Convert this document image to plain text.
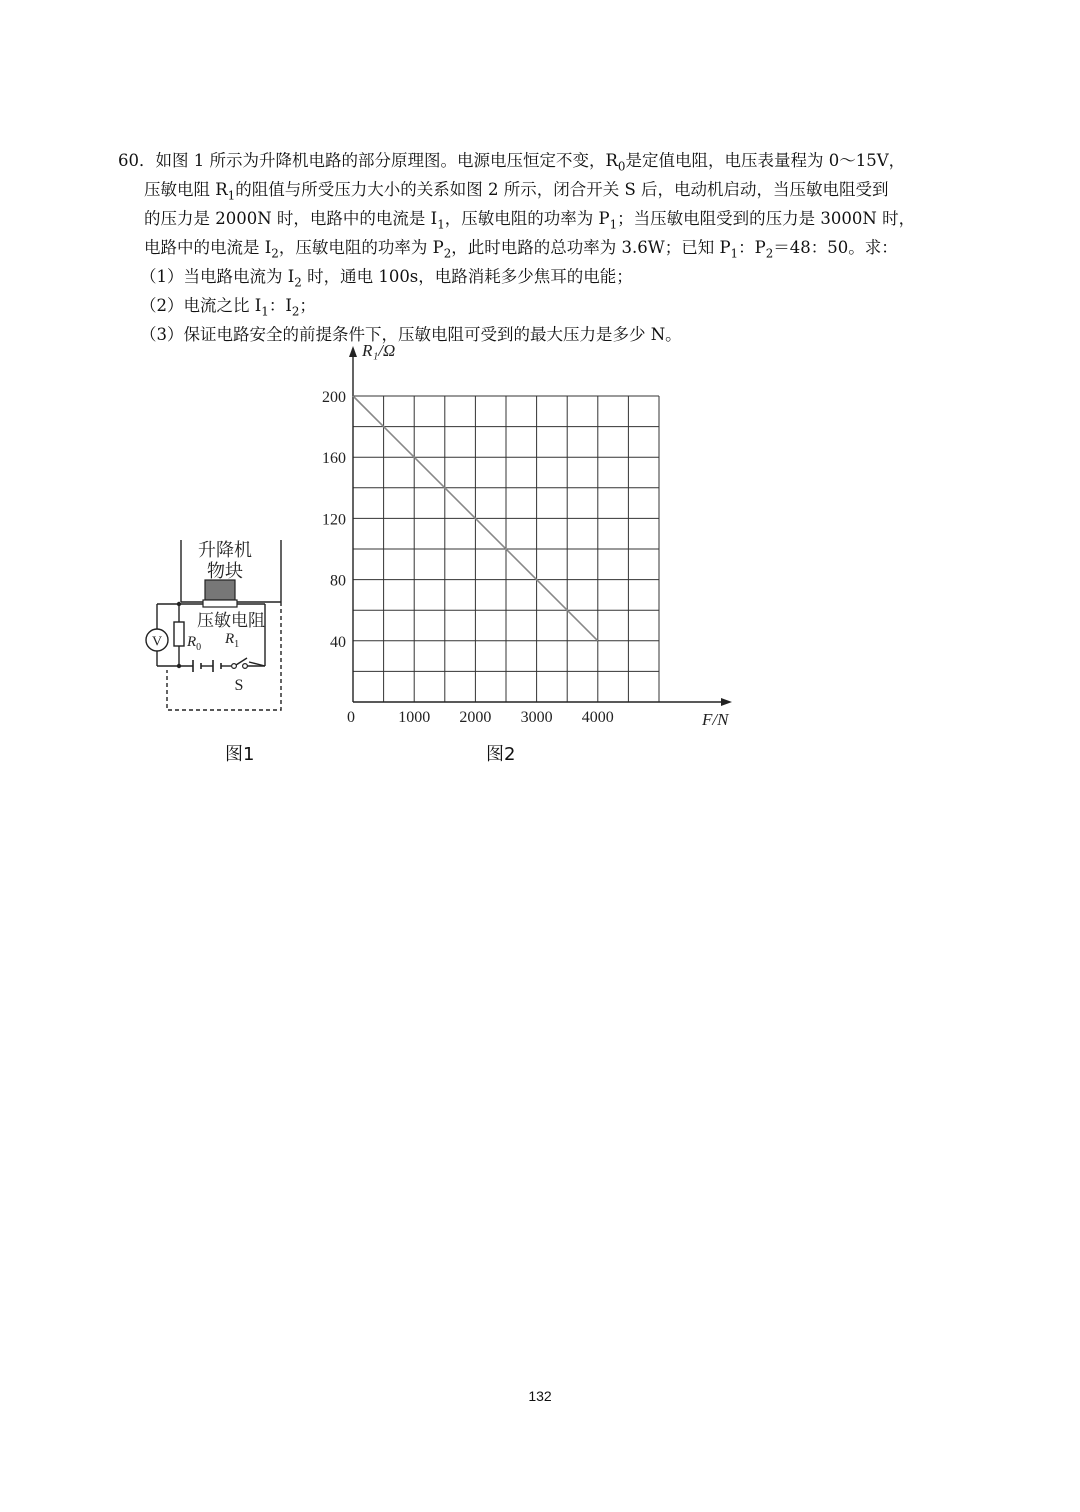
60．如图 1 所示为升降机电路的部分原理图。电源电压恒定不变，$R_0$是定值电阻，电压表量程为 0～15V，
压敏电阻 $R_1$的阻值与所受压力大小的关系如图 2 所示，闭合开关 S 后，电动机启动，当压敏电阻受到
的压力是 2000N 时，电路中的电流是 $I_1$，压敏电阻的功率为 $P_1$；当压敏电阻受到的压力是 3000N 时，
电路中的电流是 $I_2$，压敏电阻的功率为 $P_2$，此时电路的总功率为 3.6W；已知 $P_1$：$P_2=48$：50。求：
（1）当电路电流为 $I_2$ 时，通电 100s，电路消耗多少焦耳的电能；
（2）电流之比 $I_1$：$I_2$；
（3）保证电路安全的前提条件下，压敏电阻可受到的最大压力是多少 N。
V $R_0$
$R_1$
升降机
物块
压敏电阻
S
图1
0	1000 2000 3000 4000
40
80
120
160
200
R₁/Ω
F/N
图2
132
